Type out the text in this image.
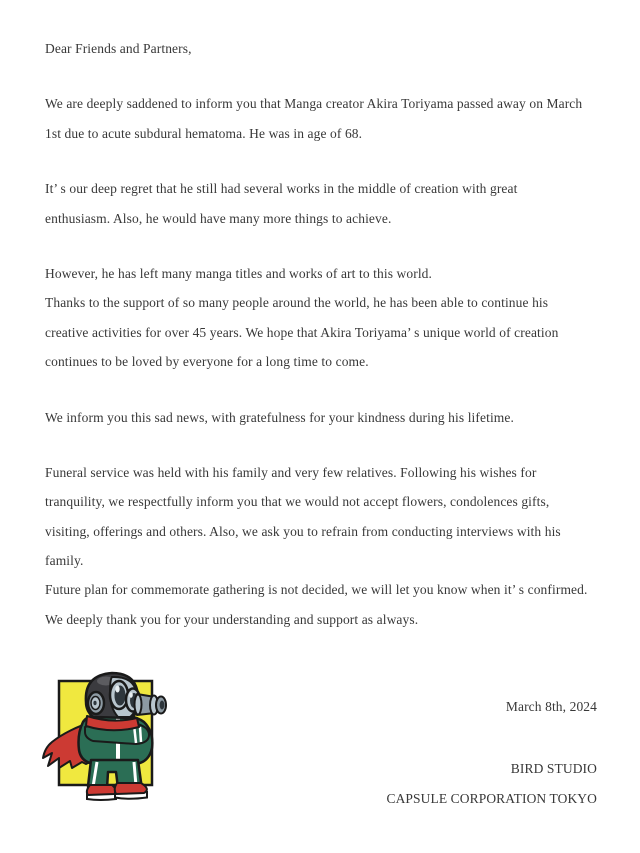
Dear Friends and Partners,
We are deeply saddened to inform you that Manga creator Akira Toriyama passed away on March
1st due to acute subdural hematoma. He was in age of 68.
It’ s our deep regret that he still had several works in the middle of creation with great
enthusiasm. Also, he would have many more things to achieve.
However, he has left many manga titles and works of art to this world.
Thanks to the support of so many people around the world, he has been able to continue his
creative activities for over 45 years. We hope that Akira Toriyama’ s unique world of creation
continues to be loved by everyone for a long time to come.
We inform you this sad news, with gratefulness for your kindness during his lifetime.
Funeral service was held with his family and very few relatives. Following his wishes for
tranquility, we respectfully inform you that we would not accept flowers, condolences gifts,
visiting, offerings and others. Also, we ask you to refrain from conducting interviews with his
family.
Future plan for commemorate gathering is not decided, we will let you know when it’ s confirmed.
We deeply thank you for your understanding and support as always.
March 8th, 2024
BIRD STUDIO
CAPSULE CORPORATION TOKYO
